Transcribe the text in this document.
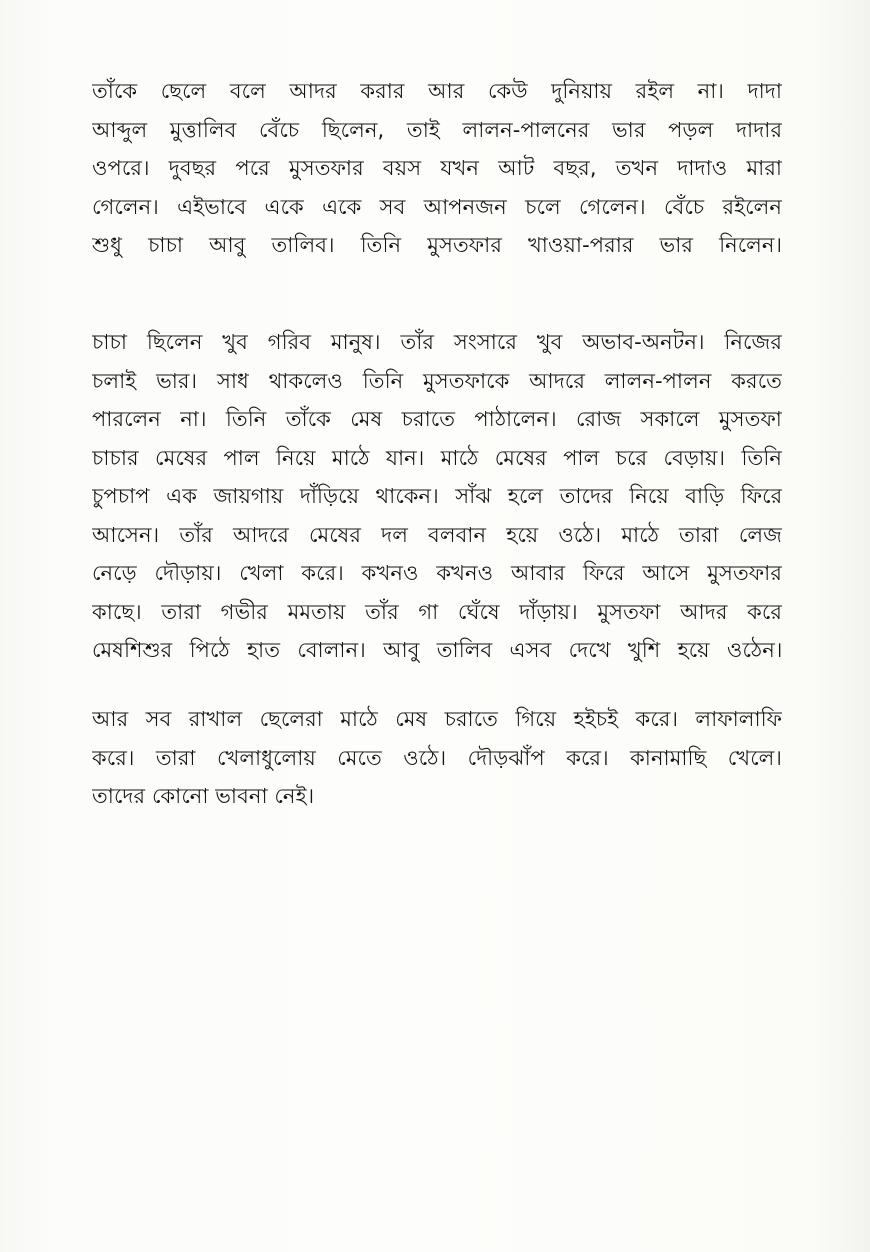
তাঁকে ছেলে বলে আদর করার আর কেউ দুনিয়ায় রইল না। দাদা
আব্দুল মুত্তালিব বেঁচে ছিলেন, তাই লালন-পালনের ভার পড়ল দাদার
ওপরে। দুবছর পরে মুসতফার বয়স যখন আট বছর, তখন দাদাও মারা
গেলেন। এইভাবে একে একে সব আপনজন চলে গেলেন। বেঁচে রইলেন
শুধু চাচা আবু তালিব। তিনি মুসতফার খাওয়া-পরার ভার নিলেন।
চাচা ছিলেন খুব গরিব মানুষ। তাঁর সংসারে খুব অভাব-অনটন। নিজের
চলাই ভার। সাধ থাকলেও তিনি মুসতফাকে আদরে লালন-পালন করতে
পারলেন না। তিনি তাঁকে মেষ চরাতে পাঠালেন। রোজ সকালে মুসতফা
চাচার মেষের পাল নিয়ে মাঠে যান। মাঠে মেষের পাল চরে বেড়ায়। তিনি
চুপচাপ এক জায়গায় দাঁড়িয়ে থাকেন। সাঁঝ হলে তাদের নিয়ে বাড়ি ফিরে
আসেন। তাঁর আদরে মেষের দল বলবান হয়ে ওঠে। মাঠে তারা লেজ
নেড়ে দৌড়ায়। খেলা করে। কখনও কখনও আবার ফিরে আসে মুসতফার
কাছে। তারা গভীর মমতায় তাঁর গা ঘেঁষে দাঁড়ায়। মুসতফা আদর করে
মেষশিশুর পিঠে হাত বোলান। আবু তালিব এসব দেখে খুশি হয়ে ওঠেন।
আর সব রাখাল ছেলেরা মাঠে মেষ চরাতে গিয়ে হইচই করে। লাফালাফি
করে। তারা খেলাধুলোয় মেতে ওঠে। দৌড়ঝাঁপ করে। কানামাছি খেলে।
তাদের কোনো ভাবনা নেই।
